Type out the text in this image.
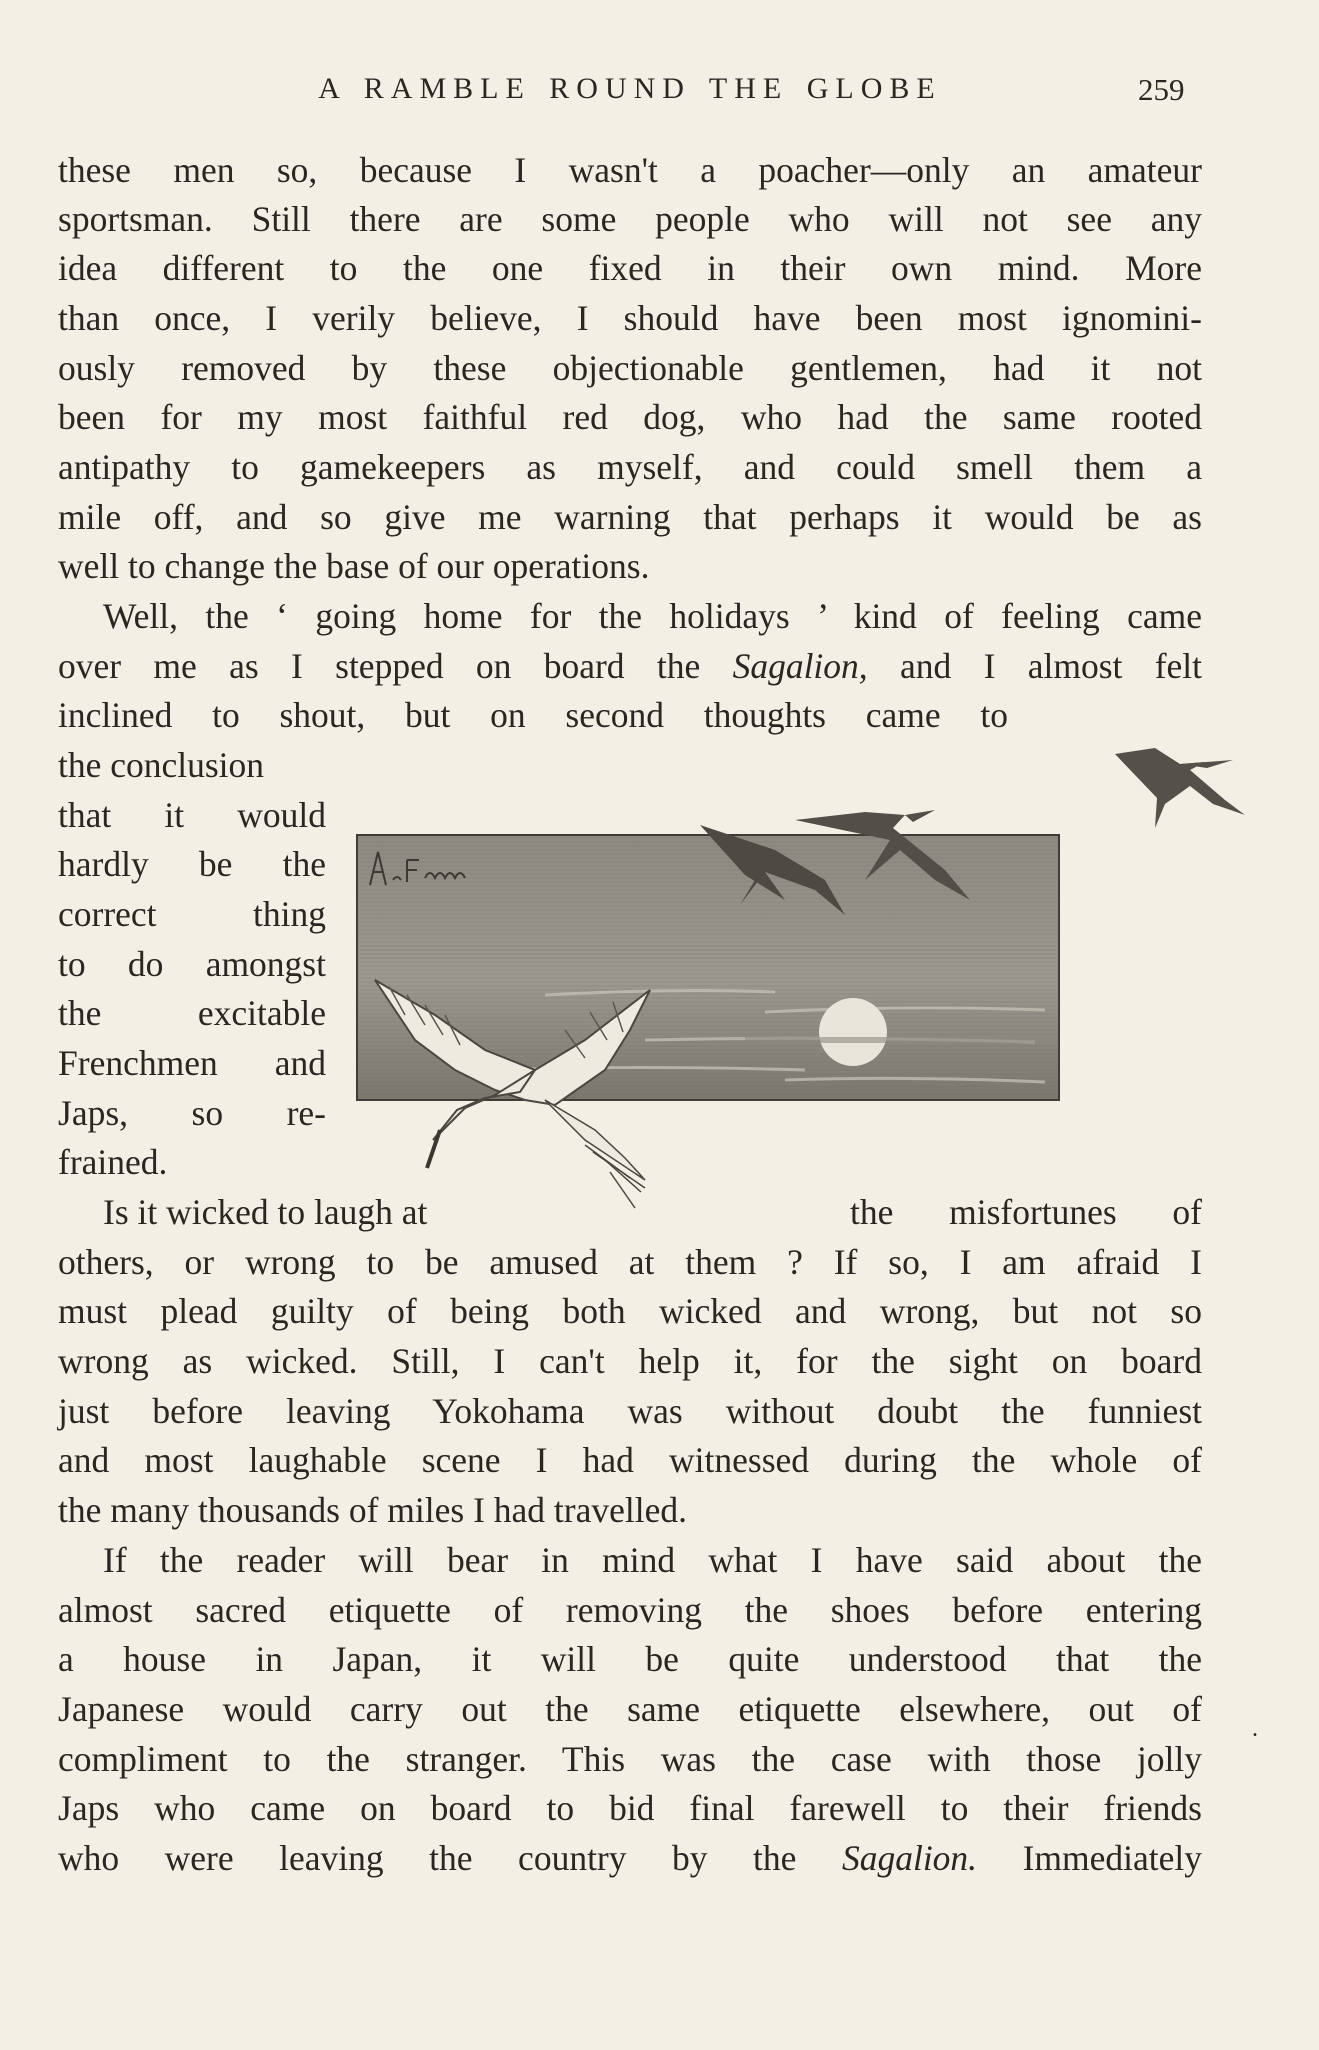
A RAMBLE ROUND THE GLOBE	259
these men so, because I wasn't a poacher—only an amateur
sportsman. Still there are some people who will not see any
idea different to the one fixed in their own mind. More
than once, I verily believe, I should have been most ignomini-
ously removed by these objectionable gentlemen, had it not
been for my most faithful red dog, who had the same rooted
antipathy to gamekeepers as myself, and could smell them a
mile off, and so give me warning that perhaps it would be as
well to change the base of our operations.
Well, the ‘ going home for the holidays ’ kind of feeling came
over me as I stepped on board the Sagalion, and I almost felt
inclined to shout, but on second thoughts came to
the conclusion
that it would
hardly be the
correct thing
to do amongst
the excitable
Frenchmen and
Japs, so re-
frained.
Is it wicked to laugh at	the misfortunes of
others, or wrong to be amused at them ? If so, I am afraid I
must plead guilty of being both wicked and wrong, but not so
wrong as wicked. Still, I can't help it, for the sight on board
just before leaving Yokohama was without doubt the funniest
and most laughable scene I had witnessed during the whole of
the many thousands of miles I had travelled.
If the reader will bear in mind what I have said about the
almost sacred etiquette of removing the shoes before entering
a house in Japan, it will be quite understood that the
Japanese would carry out the same etiquette elsewhere, out of
compliment to the stranger. This was the case with those jolly
Japs who came on board to bid final farewell to their friends
who were leaving the country by the Sagalion. Immediately
.
